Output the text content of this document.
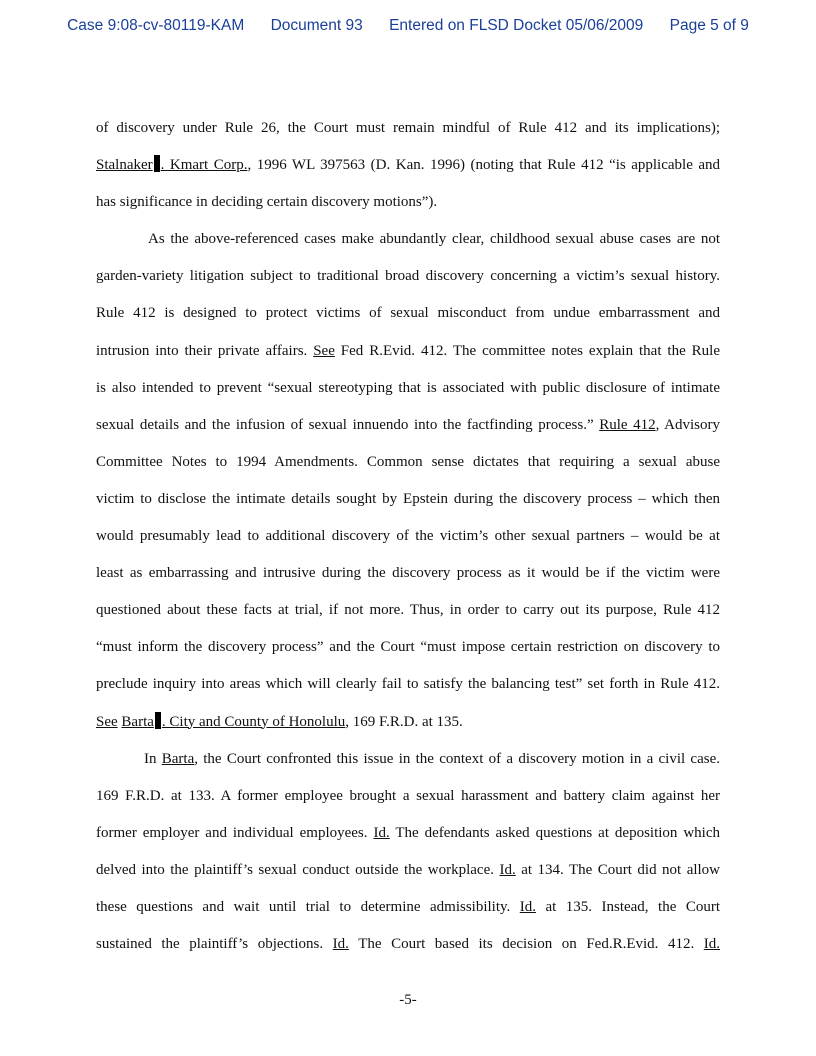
Case 9:08-cv-80119-KAM Document 93 Entered on FLSD Docket 05/06/2009 Page 5 of 9
of discovery under Rule 26, the Court must remain mindful of Rule 412 and its implications);
Stalnaker . Kmart Corp., 1996 WL 397563 (D. Kan. 1996) (noting that Rule 412 “is applicable and
has significance in deciding certain discovery motions”).
As the above-referenced cases make abundantly clear, childhood sexual abuse cases are not
garden-variety litigation subject to traditional broad discovery concerning a victim’s sexual history.
Rule 412 is designed to protect victims of sexual misconduct from undue embarrassment and
intrusion into their private affairs. See Fed R.Evid. 412. The committee notes explain that the Rule
is also intended to prevent “sexual stereotyping that is associated with public disclosure of intimate
sexual details and the infusion of sexual innuendo into the factfinding process.” Rule 412, Advisory
Committee Notes to 1994 Amendments. Common sense dictates that requiring a sexual abuse
victim to disclose the intimate details sought by Epstein during the discovery process – which then
would presumably lead to additional discovery of the victim’s other sexual partners – would be at
least as embarrassing and intrusive during the discovery process as it would be if the victim were
questioned about these facts at trial, if not more. Thus, in order to carry out its purpose, Rule 412
“must inform the discovery process” and the Court “must impose certain restriction on discovery to
preclude inquiry into areas which will clearly fail to satisfy the balancing test” set forth in Rule 412.
See Barta . City and County of Honolulu, 169 F.R.D. at 135.
In Barta, the Court confronted this issue in the context of a discovery motion in a civil case.
169 F.R.D. at 133. A former employee brought a sexual harassment and battery claim against her
former employer and individual employees. Id. The defendants asked questions at deposition which
delved into the plaintiff’s sexual conduct outside the workplace. Id. at 134. The Court did not allow
these questions and wait until trial to determine admissibility. Id. at 135. Instead, the Court
sustained the plaintiff’s objections. Id. The Court based its decision on Fed.R.Evid. 412. Id.
-5-
